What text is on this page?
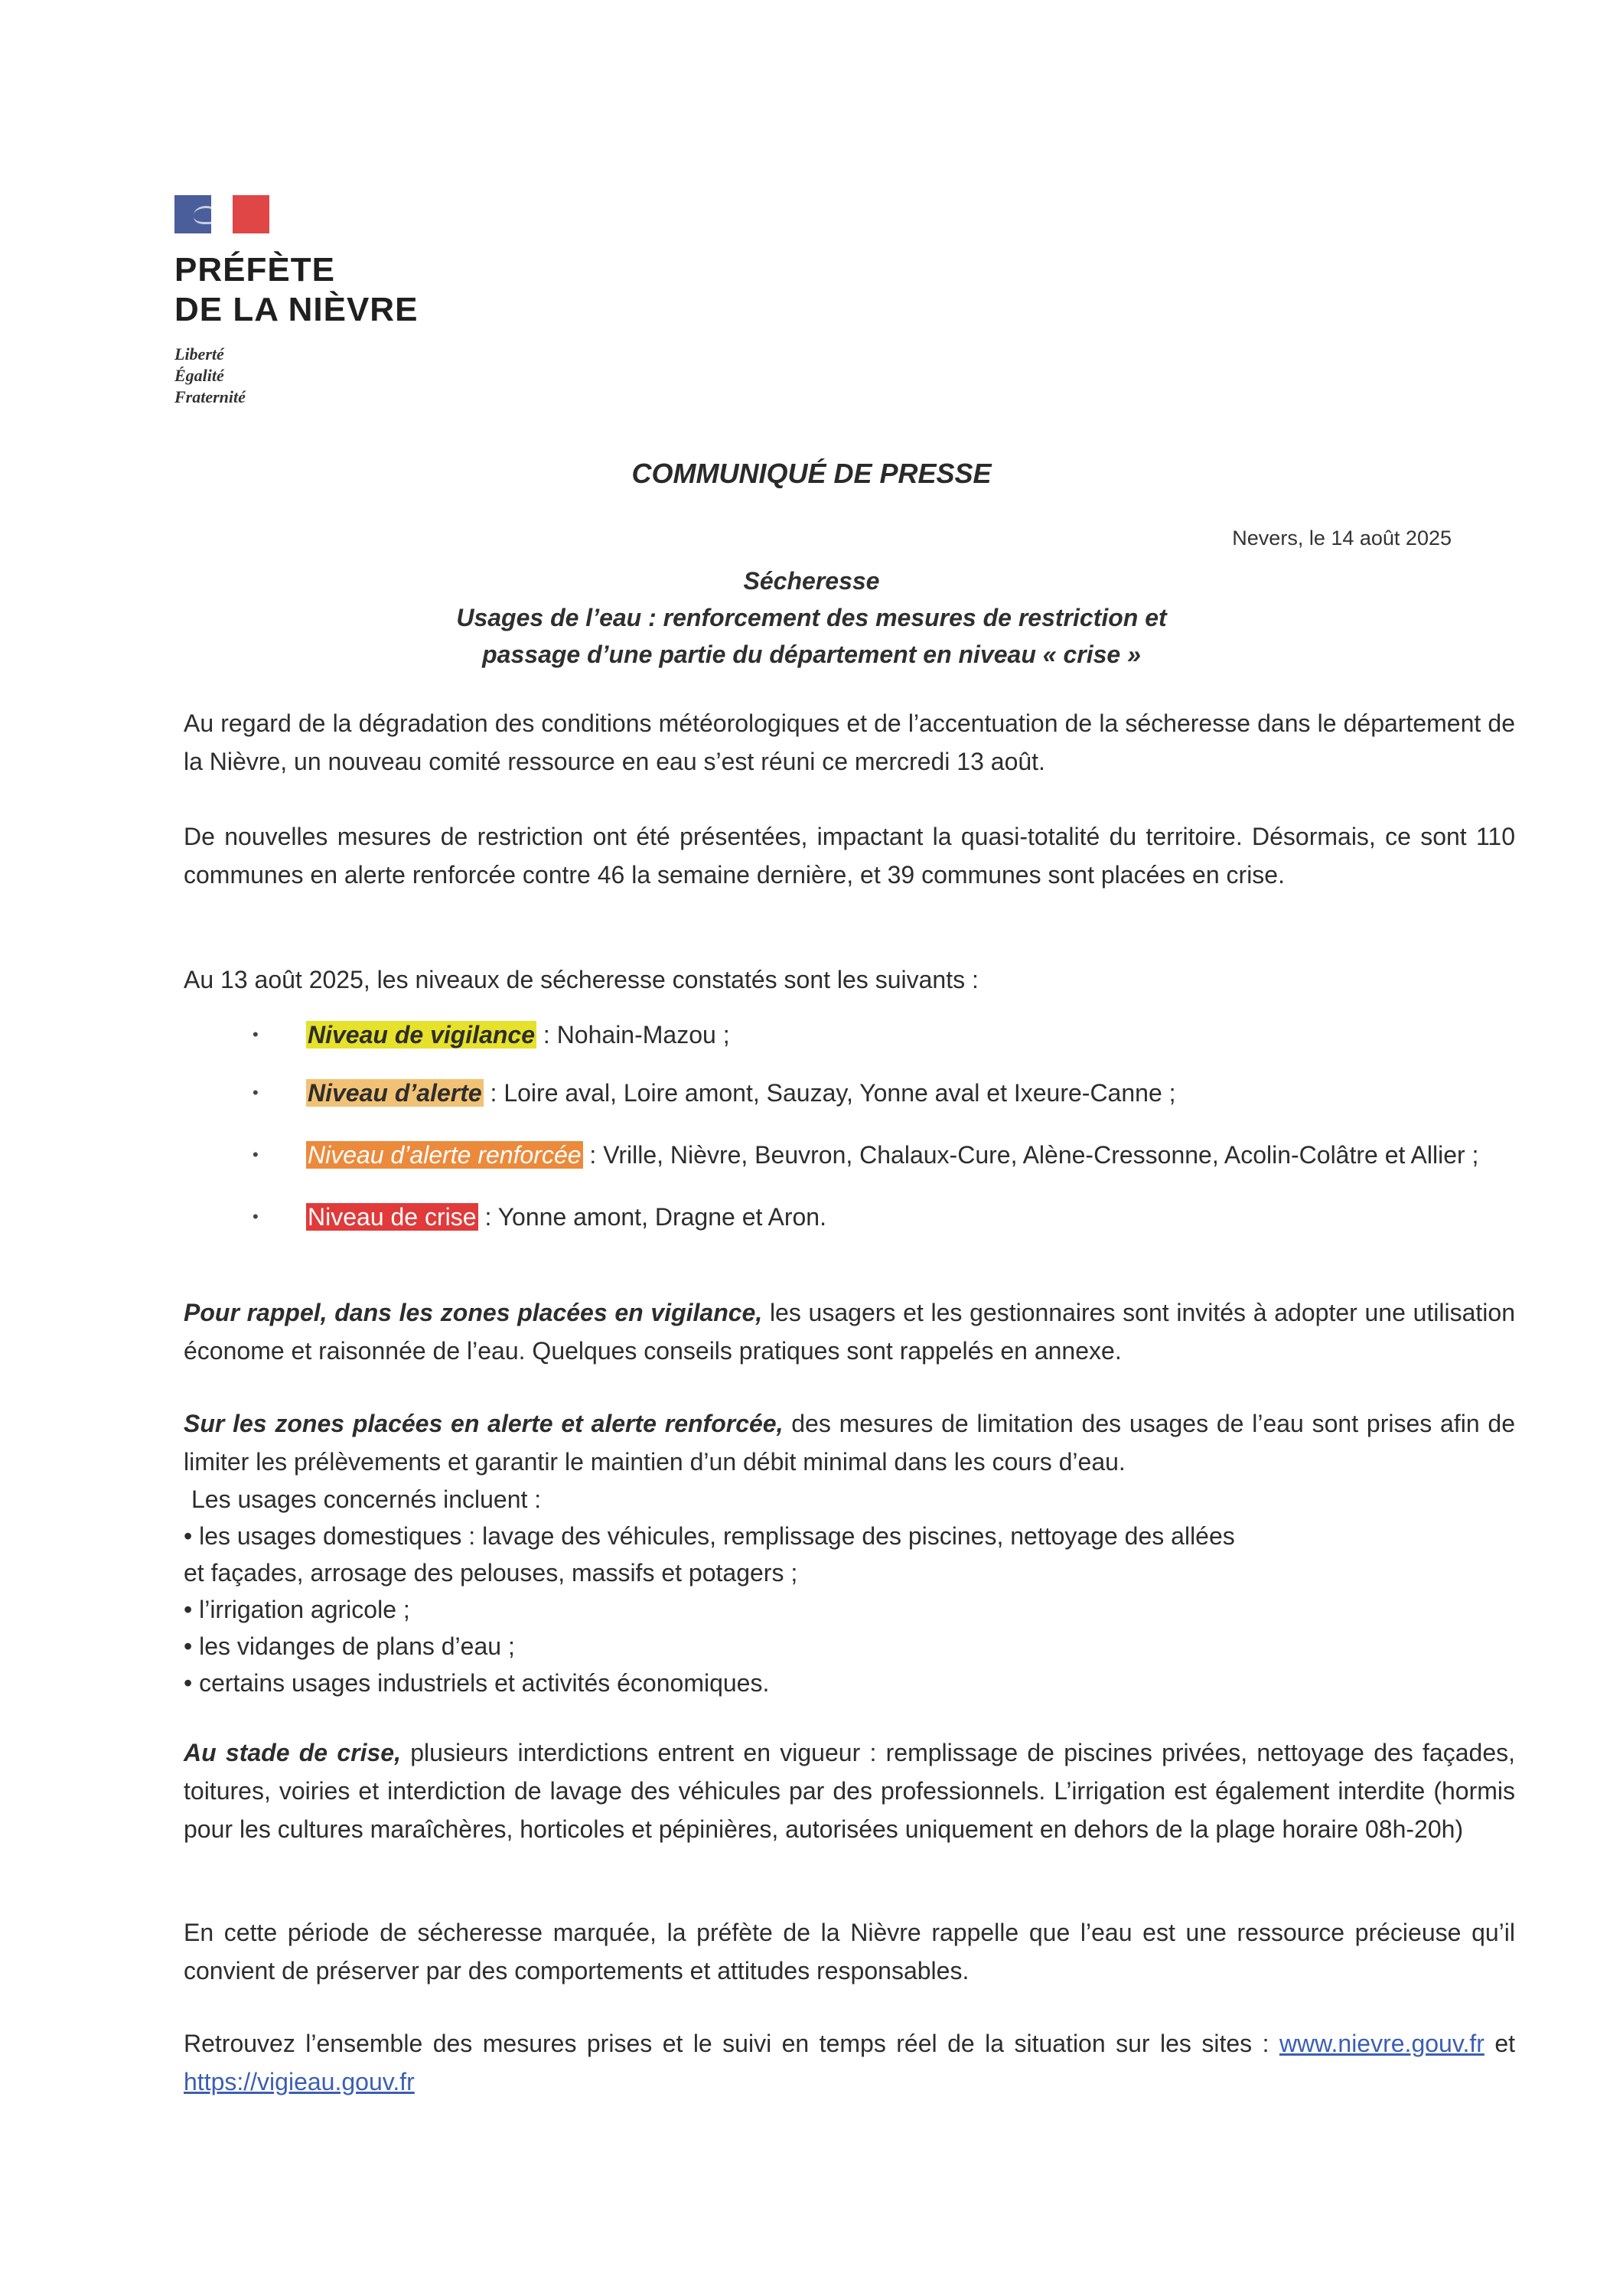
PRÉFÈTE
DE LA NIÈVRE
Liberté
Égalité
Fraternité
COMMUNIQUÉ DE PRESSE
Nevers, le 14 août 2025
Sécheresse
Usages de l’eau : renforcement des mesures de restriction et
passage d’une partie du département en niveau « crise »
Au regard de la dégradation des conditions météorologiques et de l’accentuation de la sécheresse dans le département de la Nièvre, un nouveau comité ressource en eau s’est réuni ce mercredi 13 août.
De nouvelles mesures de restriction ont été présentées, impactant la quasi-totalité du territoire. Désormais, ce sont 110 communes en alerte renforcée contre 46 la semaine dernière, et 39 communes sont placées en crise.
Au 13 août 2025, les niveaux de sécheresse constatés sont les suivants :
• Niveau de vigilance : Nohain-Mazou ;
• Niveau d’alerte : Loire aval, Loire amont, Sauzay, Yonne aval et Ixeure-Canne ;
• Niveau d’alerte renforcée : Vrille, Nièvre, Beuvron, Chalaux-Cure, Alène-Cressonne, Acolin-Colâtre et Allier ;
• Niveau de crise : Yonne amont, Dragne et Aron.
Pour rappel, dans les zones placées en vigilance, les usagers et les gestionnaires sont invités à adopter une utilisation économe et raisonnée de l’eau. Quelques conseils pratiques sont rappelés en annexe.
Sur les zones placées en alerte et alerte renforcée, des mesures de limitation des usages de l’eau sont prises afin de limiter les prélèvements et garantir le maintien d’un débit minimal dans les cours d’eau.
Les usages concernés incluent :
• les usages domestiques : lavage des véhicules, remplissage des piscines, nettoyage des allées
et façades, arrosage des pelouses, massifs et potagers ;
• l’irrigation agricole ;
• les vidanges de plans d’eau ;
• certains usages industriels et activités économiques.
Au stade de crise, plusieurs interdictions entrent en vigueur : remplissage de piscines privées, nettoyage des façades, toitures, voiries et interdiction de lavage des véhicules par des professionnels. L’irrigation est également interdite (hormis pour les cultures maraîchères, horticoles et pépinières, autorisées uniquement en dehors de la plage horaire 08h-20h)
En cette période de sécheresse marquée, la préfète de la Nièvre rappelle que l’eau est une ressource précieuse qu’il convient de préserver par des comportements et attitudes responsables.
Retrouvez l’ensemble des mesures prises et le suivi en temps réel de la situation sur les sites : www.nievre.gouv.fr et https://vigieau.gouv.fr
